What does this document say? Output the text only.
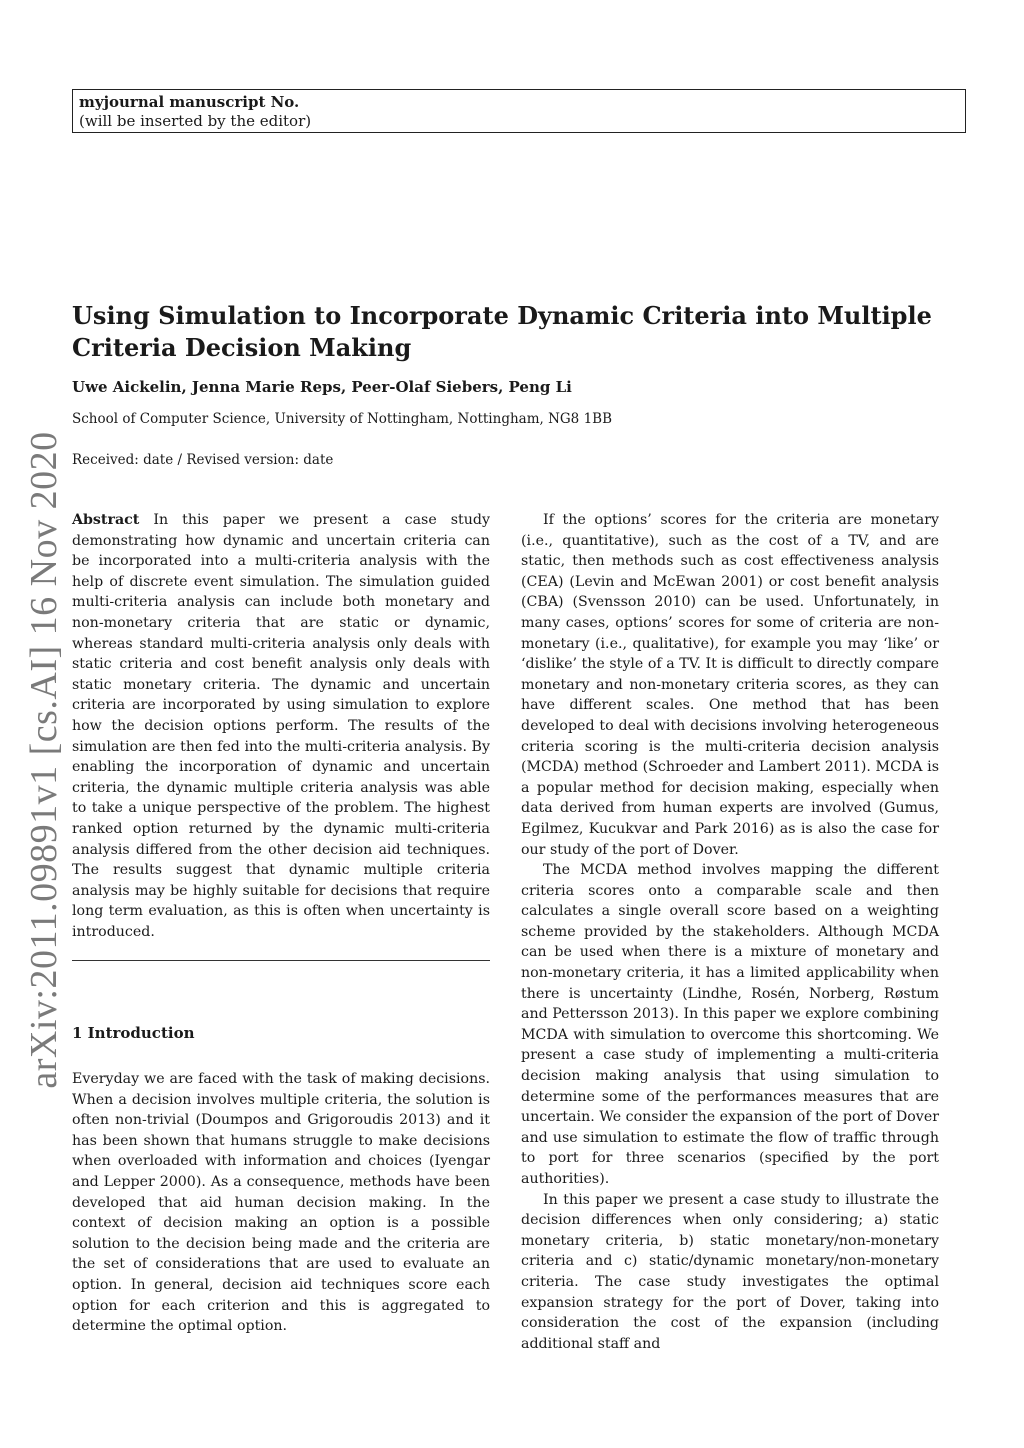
myjournal manuscript No.
(will be inserted by the editor)
arXiv:2011.09891v1 [cs.AI] 16 Nov 2020
Using Simulation to Incorporate Dynamic Criteria into Multiple Criteria Decision Making
Uwe Aickelin, Jenna Marie Reps, Peer-Olaf Siebers, Peng Li
School of Computer Science, University of Nottingham, Nottingham, NG8 1BB
Received: date / Revised version: date

Abstract In this paper we present a case study demonstrating how dynamic and uncertain criteria can be incorporated into a multi-criteria analysis with the help of discrete event simulation. The simulation guided multi-criteria analysis can include both monetary and non-monetary criteria that are static or dynamic, whereas standard multi-criteria analysis only deals with static criteria and cost benefit analysis only deals with static monetary criteria. The dynamic and uncertain criteria are incorporated by using simulation to explore how the decision options perform. The results of the simulation are then fed into the multi-criteria analysis. By enabling the incorporation of dynamic and uncertain criteria, the dynamic multiple criteria analysis was able to take a unique perspective of the problem. The highest ranked option returned by the dynamic multi-criteria analysis differed from the other decision aid techniques. The results suggest that dynamic multiple criteria analysis may be highly suitable for decisions that require long term evaluation, as this is often when uncertainty is introduced.

1 Introduction

Everyday we are faced with the task of making decisions. When a decision involves multiple criteria, the solution is often non-trivial (Doumpos and Grigoroudis 2013) and it has been shown that humans struggle to make decisions when overloaded with information and choices (Iyengar and Lepper 2000). As a consequence, methods have been developed that aid human decision making. In the context of decision making an option is a possible solution to the decision being made and the criteria are the set of considerations that are used to evaluate an option. In general, decision aid techniques score each option for each criterion and this is aggregated to determine the optimal option.

If the options’ scores for the criteria are monetary (i.e., quantitative), such as the cost of a TV, and are static, then methods such as cost effectiveness analysis (CEA) (Levin and McEwan 2001) or cost benefit analysis (CBA) (Svensson 2010) can be used. Unfortunately, in many cases, options’ scores for some of criteria are non-monetary (i.e., qualitative), for example you may ‘like’ or ‘dislike’ the style of a TV. It is difficult to directly compare monetary and non-monetary criteria scores, as they can have different scales. One method that has been developed to deal with decisions involving heterogeneous criteria scoring is the multi-criteria decision analysis (MCDA) method (Schroeder and Lambert 2011). MCDA is a popular method for decision making, especially when data derived from human experts are involved (Gumus, Egilmez, Kucukvar and Park 2016) as is also the case for our study of the port of Dover.

The MCDA method involves mapping the different criteria scores onto a comparable scale and then calculates a single overall score based on a weighting scheme provided by the stakeholders. Although MCDA can be used when there is a mixture of monetary and non-monetary criteria, it has a limited applicability when there is uncertainty (Lindhe, Rosén, Norberg, Røstum and Pettersson 2013). In this paper we explore combining MCDA with simulation to overcome this shortcoming. We present a case study of implementing a multi-criteria decision making analysis that using simulation to determine some of the performances measures that are uncertain. We consider the expansion of the port of Dover and use simulation to estimate the flow of traffic through to port for three scenarios (specified by the port authorities).

In this paper we present a case study to illustrate the decision differences when only considering; a) static monetary criteria, b) static monetary/non-monetary criteria and c) static/dynamic monetary/non-monetary criteria. The case study investigates the optimal expansion strategy for the port of Dover, taking into consideration the cost of the expansion (including additional staff and
